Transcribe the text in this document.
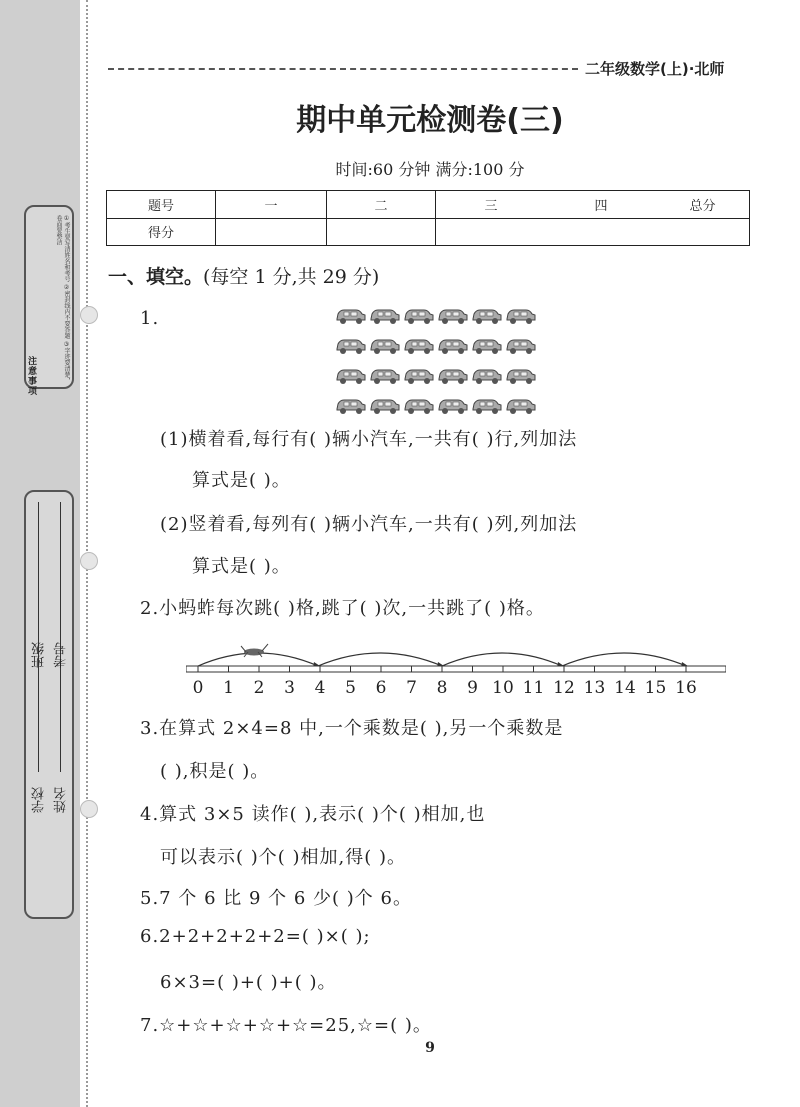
①考生要写清姓名和考号 ②密封线内不要答题 ③字迹要清楚，卷面要整洁
注意事项
学校 姓名
班级 考号
二年级数学(上)·北师
期中单元检测卷(三)
时间:60 分钟 满分:100 分
题号	一	二	三	四	总分
得分					
一、填空。(每空 1 分,共 29 分)
1.
(1)横着看,每行有( )辆小汽车,一共有( )行,列加法
算式是( )。
(2)竖着看,每列有( )辆小汽车,一共有( )列,列加法
算式是( )。
2.小蚂蚱每次跳( )格,跳了( )次,一共跳了( )格。
0	1	2	3	4	5	6	7	8	9 10 11 12 13 14 15 16
3.在算式 2×4=8 中,一个乘数是( ),另一个乘数是
( ),积是( )。
4.算式 3×5 读作( ),表示( )个( )相加,也
可以表示( )个( )相加,得( )。
5.7 个 6 比 9 个 6 少( )个 6。
6.2+2+2+2+2=( )×( );
6×3=( )+( )+( )。
7.☆+☆+☆+☆+☆=25,☆=( )。
9
